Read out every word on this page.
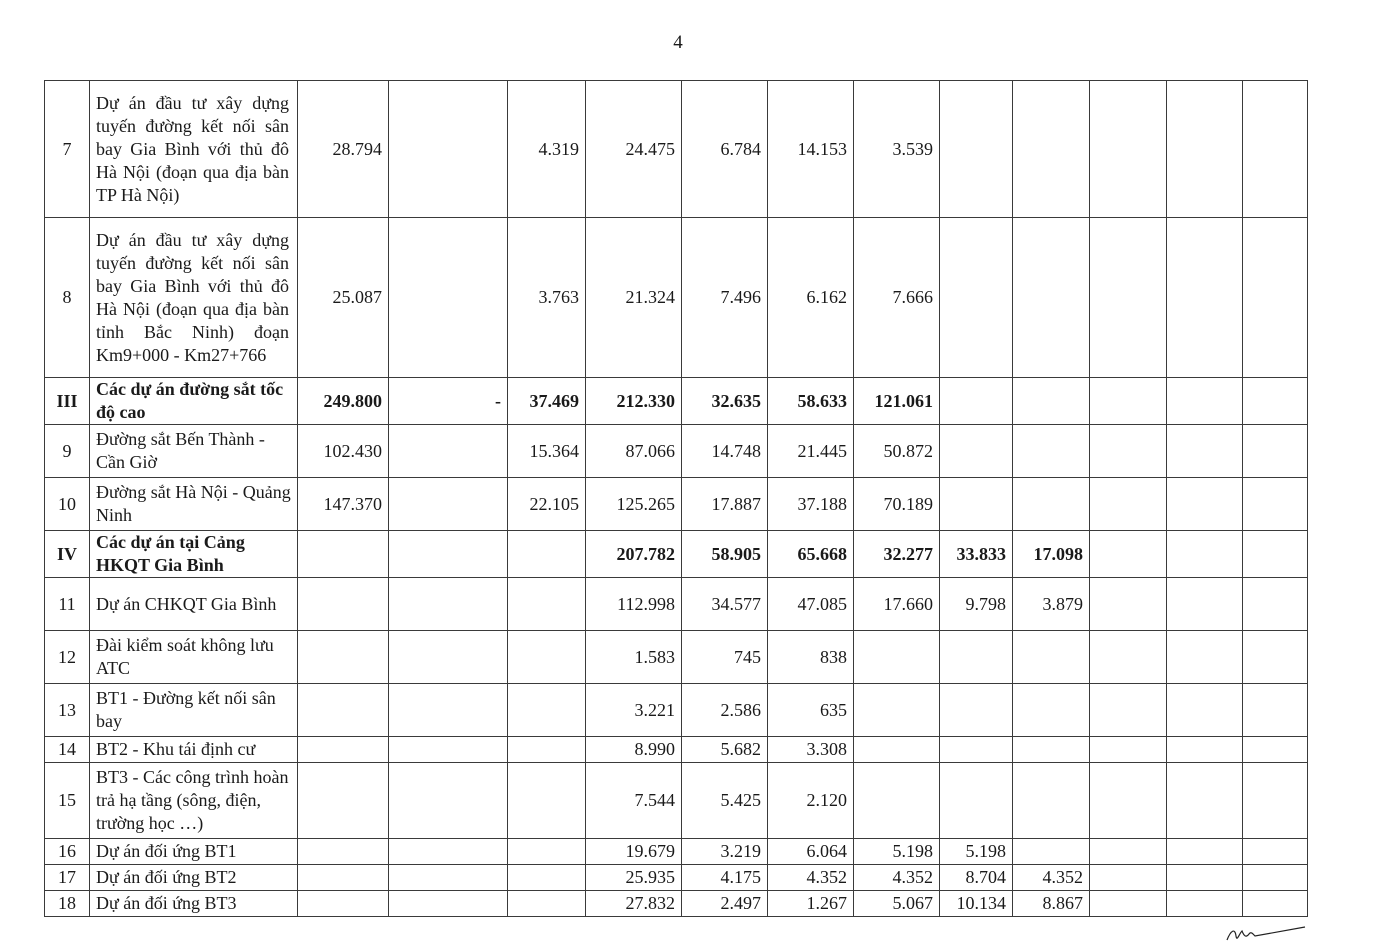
4
7	Dự án đầu tư xây dựng tuyến đường kết nối sân bay Gia Bình với thủ đô Hà Nội (đoạn qua địa bàn TP Hà Nội)	28.794		4.319	24.475	6.784	14.153	3.539					
8	Dự án đầu tư xây dựng tuyến đường kết nối sân bay Gia Bình với thủ đô Hà Nội (đoạn qua địa bàn tỉnh Bắc Ninh) đoạn Km9+000 - Km27+766	25.087		3.763	21.324	7.496	6.162	7.666					
III	Các dự án đường sắt tốc độ cao	249.800	-	37.469	212.330	32.635	58.633	121.061					
9	Đường sắt Bến Thành - Cần Giờ	102.430		15.364	87.066	14.748	21.445	50.872					
10	Đường sắt Hà Nội - Quảng Ninh	147.370		22.105	125.265	17.887	37.188	70.189					
IV	Các dự án tại Cảng HKQT Gia Bình				207.782	58.905	65.668	32.277	33.833	17.098			
11	Dự án CHKQT Gia Bình				112.998	34.577	47.085	17.660	9.798	3.879			
12	Đài kiểm soát không lưu ATC				1.583	745	838						
13	BT1 - Đường kết nối sân bay				3.221	2.586	635						
14	BT2 - Khu tái định cư				8.990	5.682	3.308						
15	BT3 - Các công trình hoàn trả hạ tầng (sông, điện, trường học …)				7.544	5.425	2.120						
16	Dự án đối ứng BT1				19.679	3.219	6.064	5.198	5.198				
17	Dự án đối ứng BT2				25.935	4.175	4.352	4.352	8.704	4.352			
18	Dự án đối ứng BT3				27.832	2.497	1.267	5.067	10.134	8.867			
